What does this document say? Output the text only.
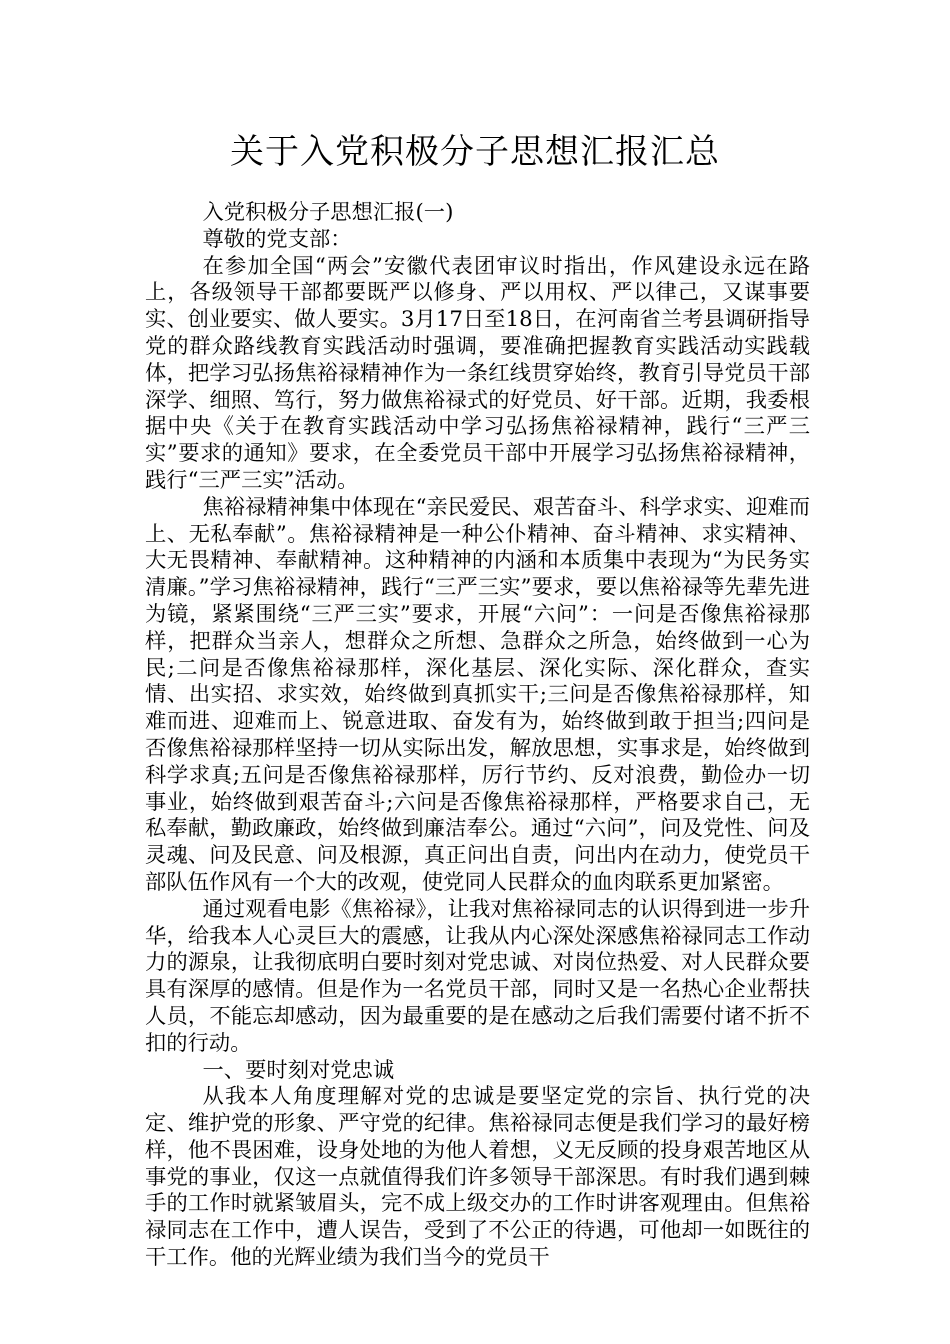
关于入党积极分子思想汇报汇总

入党积极分子思想汇报(一)

尊敬的党支部：

在参加全国“两会”安徽代表团审议时指出，作风建设永远在路上，各级领导干部都要既严以修身、严以用权、严以律己，又谋事要实、创业要实、做人要实。3月17日至18日，在河南省兰考县调研指导党的群众路线教育实践活动时强调，要准确把握教育实践活动实践载体，把学习弘扬焦裕禄精神作为一条红线贯穿始终，教育引导党员干部深学、细照、笃行，努力做焦裕禄式的好党员、好干部。近期，我委根据中央《关于在教育实践活动中学习弘扬焦裕禄精神，践行“三严三实”要求的通知》要求，在全委党员干部中开展学习弘扬焦裕禄精神，践行“三严三实”活动。

焦裕禄精神集中体现在“亲民爱民、艰苦奋斗、科学求实、迎难而上、无私奉献”。焦裕禄精神是一种公仆精神、奋斗精神、求实精神、大无畏精神、奉献精神。这种精神的内涵和本质集中表现为“为民务实清廉。”学习焦裕禄精神，践行“三严三实”要求，要以焦裕禄等先辈先进为镜，紧紧围绕“三严三实”要求，开展“六问”：一问是否像焦裕禄那样，把群众当亲人，想群众之所想、急群众之所急，始终做到一心为民;二问是否像焦裕禄那样，深化基层、深化实际、深化群众，查实情、出实招、求实效，始终做到真抓实干;三问是否像焦裕禄那样，知难而进、迎难而上、锐意进取、奋发有为，始终做到敢于担当;四问是否像焦裕禄那样坚持一切从实际出发，解放思想，实事求是，始终做到科学求真;五问是否像焦裕禄那样，厉行节约、反对浪费，勤俭办一切事业，始终做到艰苦奋斗;六问是否像焦裕禄那样，严格要求自己，无私奉献，勤政廉政，始终做到廉洁奉公。通过“六问”，问及党性、问及灵魂、问及民意、问及根源，真正问出自责，问出内在动力，使党员干部队伍作风有一个大的改观，使党同人民群众的血肉联系更加紧密。

通过观看电影《焦裕禄》，让我对焦裕禄同志的认识得到进一步升华，给我本人心灵巨大的震感，让我从内心深处深感焦裕禄同志工作动力的源泉，让我彻底明白要时刻对党忠诚、对岗位热爱、对人民群众要具有深厚的感情。但是作为一名党员干部，同时又是一名热心企业帮扶人员，不能忘却感动，因为最重要的是在感动之后我们需要付诸不折不扣的行动。

一、要时刻对党忠诚

从我本人角度理解对党的忠诚是要坚定党的宗旨、执行党的决定、维护党的形象、严守党的纪律。焦裕禄同志便是我们学习的最好榜样，他不畏困难，设身处地的为他人着想，义无反顾的投身艰苦地区从事党的事业，仅这一点就值得我们许多领导干部深思。有时我们遇到棘手的工作时就紧皱眉头，完不成上级交办的工作时讲客观理由。但焦裕禄同志在工作中，遭人误告，受到了不公正的待遇，可他却一如既往的干工作。他的光辉业绩为我们当今的党员干
